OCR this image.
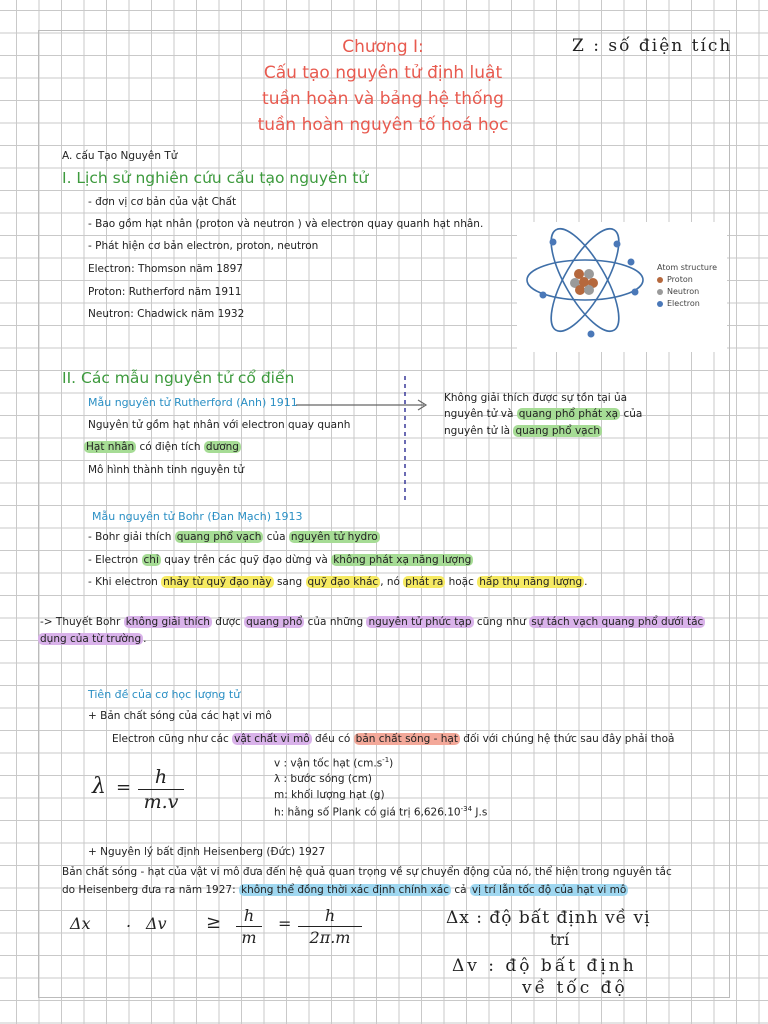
Chương I:
Cấu tạo nguyên tử định luật
tuần hoàn và bảng hệ thống
tuần hoàn nguyên tố hoá học
Z : số điện tích
A. cấu Tạo Nguyên Tử
I. Lịch sử nghiên cứu cấu tạo nguyên tử
- đơn vị cơ bản của vật Chất
- Bao gồm hạt nhân (proton và neutron ) và electron quay quanh hạt nhân.
- Phát hiện cơ bản electron, proton, neutron
Electron: Thomson năm 1897
Proton: Rutherford năm 1911
Neutron: Chadwick năm 1932
Atom structure
Proton
Neutron
Electron
II. Các mẫu nguyên tử cổ điển
Mẫu nguyên tử Rutherford (Anh) 1911
Nguyên tử gồm hạt nhân với electron quay quanh
Hạt nhân có điện tích dương
Mô hình thành tinh nguyên tử
Không giải thích được sự tồn tại ủa
nguyên tử và quang phổ phát xạ của
nguyên tử là quang phổ vạch
Mẫu nguyên tử Bohr (Đan Mạch) 1913
- Bohr giải thích quang phổ vạch của nguyên tử hydro
- Electron chỉ quay trên các quỹ đạo dừng và không phát xạ năng lượng
- Khi electron nhảy từ quỹ đạo này sang quỹ đạo khác , nó phát ra hoặc hấp thụ năng lượng .
-> Thuyết Bohr không giải thích được quang phổ của những nguyên tử phức tạp cũng như sự tách vạch quang phổ dưới tác
dụng của từ trường .
Tiên đề của cơ học lượng tử
+ Bản chất sóng của các hạt vi mô
Electron cũng như các vật chất vi mô đều có bản chất sóng - hạt đối với chúng hệ thức sau đây phải thoả
λ =	h
m.v
v : vận tốc hạt $(cm.s^{-1})$
λ : bước sóng (cm)
m: khối lượng hạt (g)
h: hằng số Plank có giá trị $6,626.10^{-34}$ J.s
+ Nguyên lý bất định Heisenberg (Đức) 1927
Bản chất sóng - hạt của vật vi mô đưa đến hệ quả quan trọng về sự chuyển động của nó, thể hiện trong nguyên tắc
do Heisenberg đưa ra năm 1927: không thể đồng thời xác định chính xác cả vị trí lẫn tốc độ của hạt vi mô
Δx . Δv ≥	h
m
=	h
2π.m
Δx : độ bất định về vị
trí
Δv : độ bất định
về tốc độ
